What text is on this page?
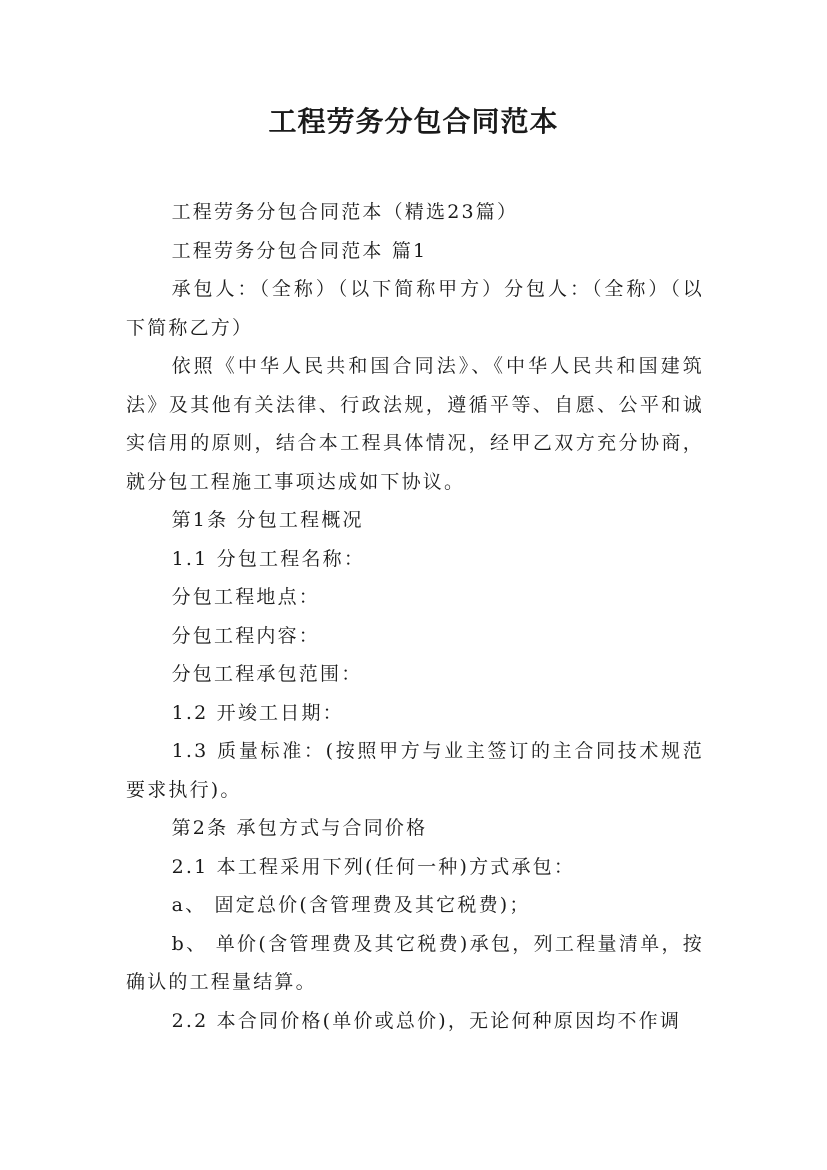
工程劳务分包合同范本

工程劳务分包合同范本（精选23篇）

工程劳务分包合同范本 篇1

承包人：（全称）（以下简称甲方）分包人：（全称）（以下简称乙方）

依照《中华人民共和国合同法》、《中华人民共和国建筑法》及其他有关法律、行政法规，遵循平等、自愿、公平和诚实信用的原则，结合本工程具体情况，经甲乙双方充分协商，就分包工程施工事项达成如下协议。

第1条 分包工程概况

1.1 分包工程名称：

分包工程地点：

分包工程内容：

分包工程承包范围：

1.2 开竣工日期：

1.3 质量标准：(按照甲方与业主签订的主合同技术规范要求执行)。

第2条 承包方式与合同价格

2.1 本工程采用下列(任何一种)方式承包：

a、 固定总价(含管理费及其它税费)；

b、 单价(含管理费及其它税费)承包，列工程量清单，按确认的工程量结算。

2.2 本合同价格(单价或总价)，无论何种原因均不作调
